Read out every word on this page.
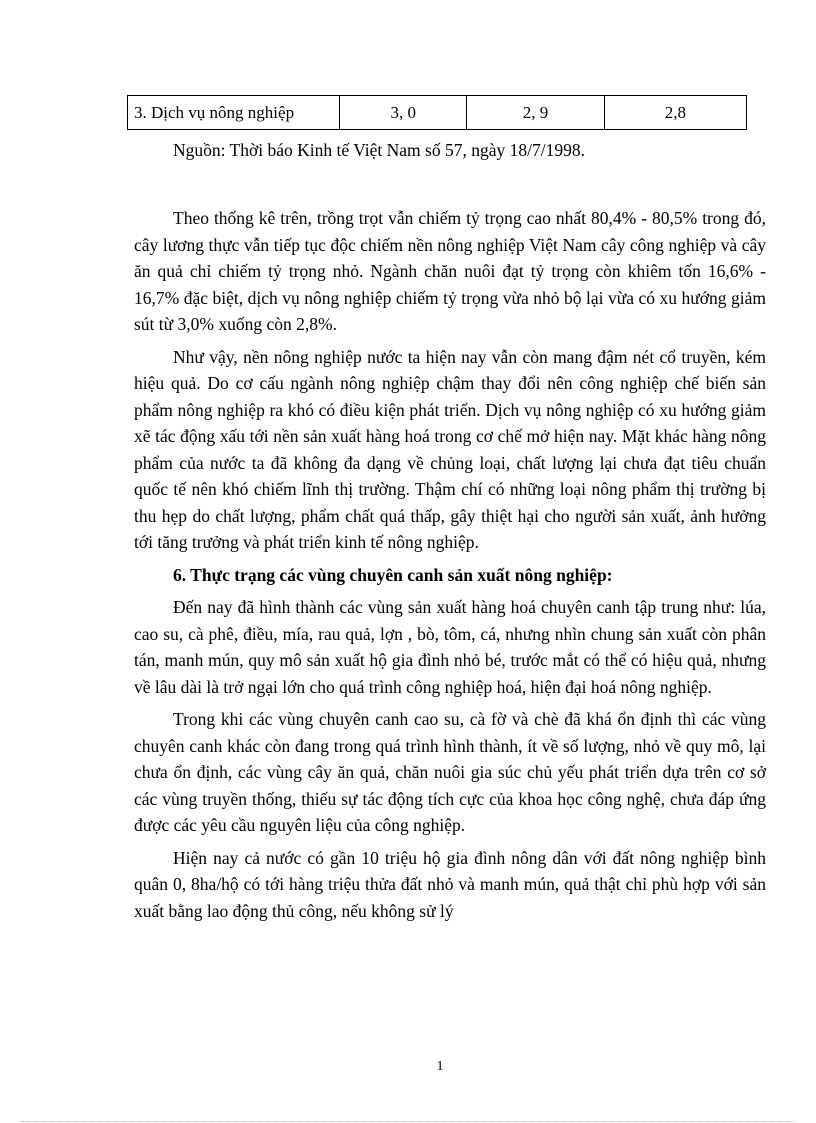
3. Dịch vụ nông nghiệp	3, 0	2, 9	2,8

Nguồn: Thời báo Kinh tế Việt Nam số 57, ngày 18/7/1998.

Theo thống kê trên, trồng trọt vẫn chiếm tỷ trọng cao nhất 80,4% - 80,5% trong đó, cây lương thực vẫn tiếp tục độc chiếm nền nông nghiệp Việt Nam cây công nghiệp và cây ăn quả chỉ chiếm tỷ trọng nhỏ. Ngành chăn nuôi đạt tỷ trọng còn khiêm tốn 16,6% - 16,7% đặc biệt, dịch vụ nông nghiệp chiếm tỷ trọng vừa nhỏ bộ lại vừa có xu hướng giảm sút từ 3,0% xuống còn 2,8%.

Như vậy, nền nông nghiệp nước ta hiện nay vẫn còn mang đậm nét cổ truyền, kém hiệu quả. Do cơ cấu ngành nông nghiệp chậm thay đổi nên công nghiệp chế biến sản phẩm nông nghiệp ra khó có điều kiện phát triển. Dịch vụ nông nghiệp có xu hướng giảm xẽ tác động xấu tới nền sản xuất hàng hoá trong cơ chế mở hiện nay. Mặt khác hàng nông phẩm của nước ta đã không đa dạng về chủng loại, chất lượng lại chưa đạt tiêu chuẩn quốc tế nên khó chiếm lĩnh thị trường. Thậm chí có những loại nông phẩm thị trường bị thu hẹp do chất lượng, phẩm chất quá thấp, gây thiệt hại cho người sản xuất, ảnh hưởng tới tăng trưởng và phát triển kinh tế nông nghiệp.

6. Thực trạng các vùng chuyên canh sản xuất nông nghiệp:

Đến nay đã hình thành các vùng sản xuất hàng hoá chuyên canh tập trung như: lúa, cao su, cà phê, điều, mía, rau quả, lợn , bò, tôm, cá, nhưng nhìn chung sản xuất còn phân tán, manh mún, quy mô sản xuất hộ gia đình nhỏ bé, trước mắt có thể có hiệu quả, nhưng về lâu dài là trở ngại lớn cho quá trình công nghiệp hoá, hiện đại hoá nông nghiệp.

Trong khi các vùng chuyên canh cao su, cà fờ và chè đã khá ổn định thì các vùng chuyên canh khác còn đang trong quá trình hình thành, ít về số lượng, nhỏ về quy mô, lại chưa ổn định, các vùng cây ăn quả, chăn nuôi gia súc chủ yếu phát triển dựa trên cơ sở các vùng truyền thống, thiếu sự tác động tích cực của khoa học công nghệ, chưa đáp ứng được các yêu cầu nguyên liệu của công nghiệp.

Hiện nay cả nước có gần 10 triệu hộ gia đình nông dân với đất nông nghiệp bình quân 0, 8ha/hộ có tới hàng triệu thửa đất nhỏ và manh mún, quả thật chỉ phù hợp với sản xuất bằng lao động thủ công, nếu không sử lý

1
